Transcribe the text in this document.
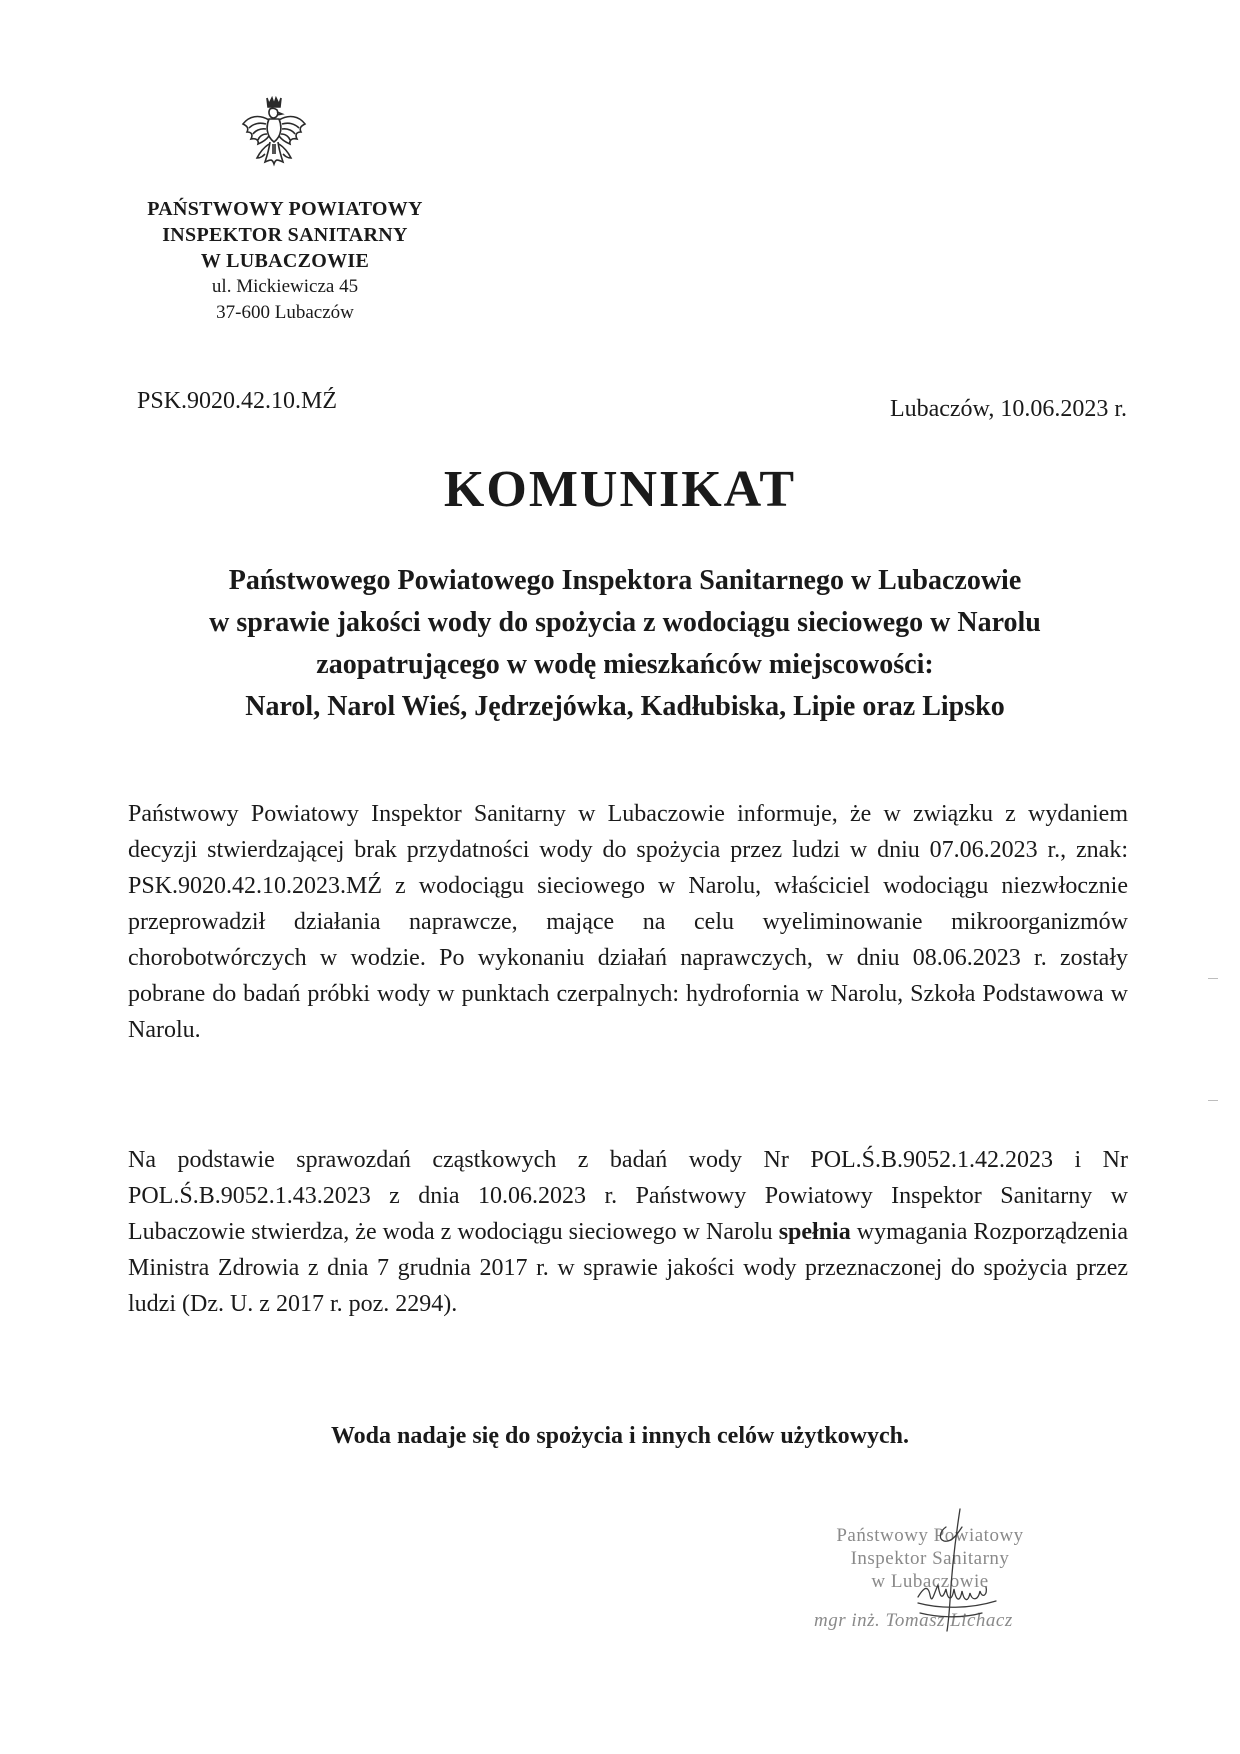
PAŃSTWOWY POWIATOWY
INSPEKTOR SANITARNY
W LUBACZOWIE
ul. Mickiewicza 45
37-600 Lubaczów
PSK.9020.42.10.MŹ	Lubaczów, 10.06.2023 r.
KOMUNIKAT
Państwowego Powiatowego Inspektora Sanitarnego w Lubaczowie
w sprawie jakości wody do spożycia z wodociągu sieciowego w Narolu
zaopatrującego w wodę mieszkańców miejscowości:
Narol, Narol Wieś, Jędrzejówka, Kadłubiska, Lipie oraz Lipsko
Państwowy Powiatowy Inspektor Sanitarny w Lubaczowie informuje, że w związku z wydaniem decyzji stwierdzającej brak przydatności wody do spożycia przez ludzi w dniu 07.06.2023 r., znak: PSK.9020.42.10.2023.MŹ z wodociągu sieciowego w Narolu, właściciel wodociągu niezwłocznie przeprowadził działania naprawcze, mające na celu wyeliminowanie mikroorganizmów chorobotwórczych w wodzie. Po wykonaniu działań naprawczych, w dniu 08.06.2023 r. zostały pobrane do badań próbki wody w punktach czerpalnych: hydrofornia w Narolu, Szkoła Podstawowa w Narolu.
Na podstawie sprawozdań cząstkowych z badań wody Nr POL.Ś.B.9052.1.42.2023 i Nr POL.Ś.B.9052.1.43.2023 z dnia 10.06.2023 r. Państwowy Powiatowy Inspektor Sanitarny w Lubaczowie stwierdza, że woda z wodociągu sieciowego w Narolu spełnia wymagania Rozporządzenia Ministra Zdrowia z dnia 7 grudnia 2017 r. w sprawie jakości wody przeznaczonej do spożycia przez ludzi (Dz. U. z 2017 r. poz. 2294).
Woda nadaje się do spożycia i innych celów użytkowych.
Państwowy Powiatowy
Inspektor Sanitarny
w Lubaczowie
mgr inż. Tomasz Lichacz
